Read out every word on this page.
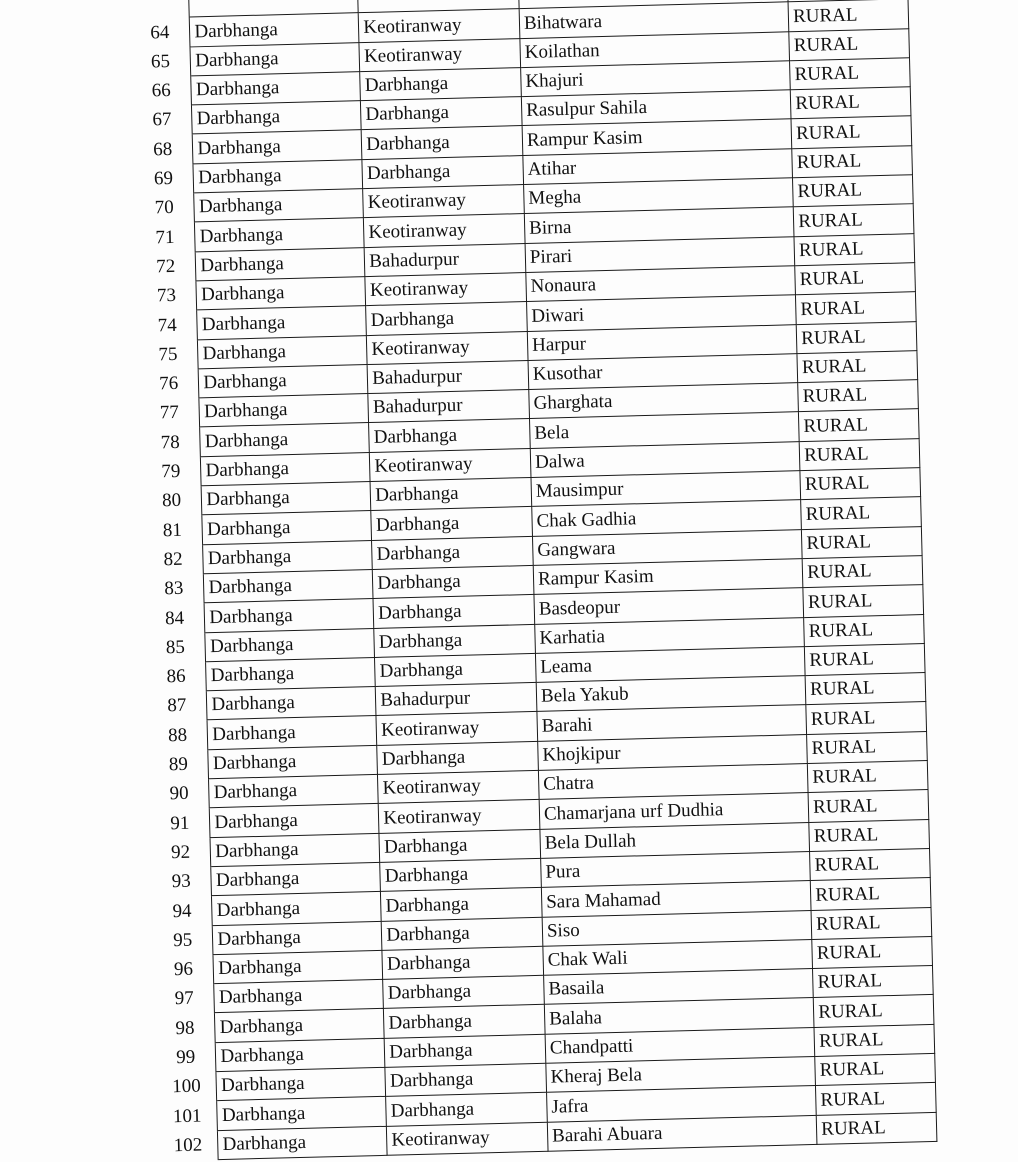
64	Darbhanga	Keotiranway	Bihatwara	RURAL
65	Darbhanga	Keotiranway	Koilathan	RURAL
66	Darbhanga	Darbhanga	Khajuri	RURAL
67	Darbhanga	Darbhanga	Rasulpur Sahila	RURAL
68	Darbhanga	Darbhanga	Rampur Kasim	RURAL
69	Darbhanga	Darbhanga	Atihar	RURAL
70	Darbhanga	Keotiranway	Megha	RURAL
71	Darbhanga	Keotiranway	Birna	RURAL
72	Darbhanga	Bahadurpur	Pirari	RURAL
73	Darbhanga	Keotiranway	Nonaura	RURAL
74	Darbhanga	Darbhanga	Diwari	RURAL
75	Darbhanga	Keotiranway	Harpur	RURAL
76	Darbhanga	Bahadurpur	Kusothar	RURAL
77	Darbhanga	Bahadurpur	Gharghata	RURAL
78	Darbhanga	Darbhanga	Bela	RURAL
79	Darbhanga	Keotiranway	Dalwa	RURAL
80	Darbhanga	Darbhanga	Mausimpur	RURAL
81	Darbhanga	Darbhanga	Chak Gadhia	RURAL
82	Darbhanga	Darbhanga	Gangwara	RURAL
83	Darbhanga	Darbhanga	Rampur Kasim	RURAL
84	Darbhanga	Darbhanga	Basdeopur	RURAL
85	Darbhanga	Darbhanga	Karhatia	RURAL
86	Darbhanga	Darbhanga	Leama	RURAL
87	Darbhanga	Bahadurpur	Bela Yakub	RURAL
88	Darbhanga	Keotiranway	Barahi	RURAL
89	Darbhanga	Darbhanga	Khojkipur	RURAL
90	Darbhanga	Keotiranway	Chatra	RURAL
91	Darbhanga	Keotiranway	Chamarjana urf Dudhia	RURAL
92	Darbhanga	Darbhanga	Bela Dullah	RURAL
93	Darbhanga	Darbhanga	Pura	RURAL
94	Darbhanga	Darbhanga	Sara Mahamad	RURAL
95	Darbhanga	Darbhanga	Siso	RURAL
96	Darbhanga	Darbhanga	Chak Wali	RURAL
97	Darbhanga	Darbhanga	Basaila	RURAL
98	Darbhanga	Darbhanga	Balaha	RURAL
99	Darbhanga	Darbhanga	Chandpatti	RURAL
100	Darbhanga	Darbhanga	Kheraj Bela	RURAL
101	Darbhanga	Darbhanga	Jafra	RURAL
102	Darbhanga	Keotiranway	Barahi Abuara	RURAL
